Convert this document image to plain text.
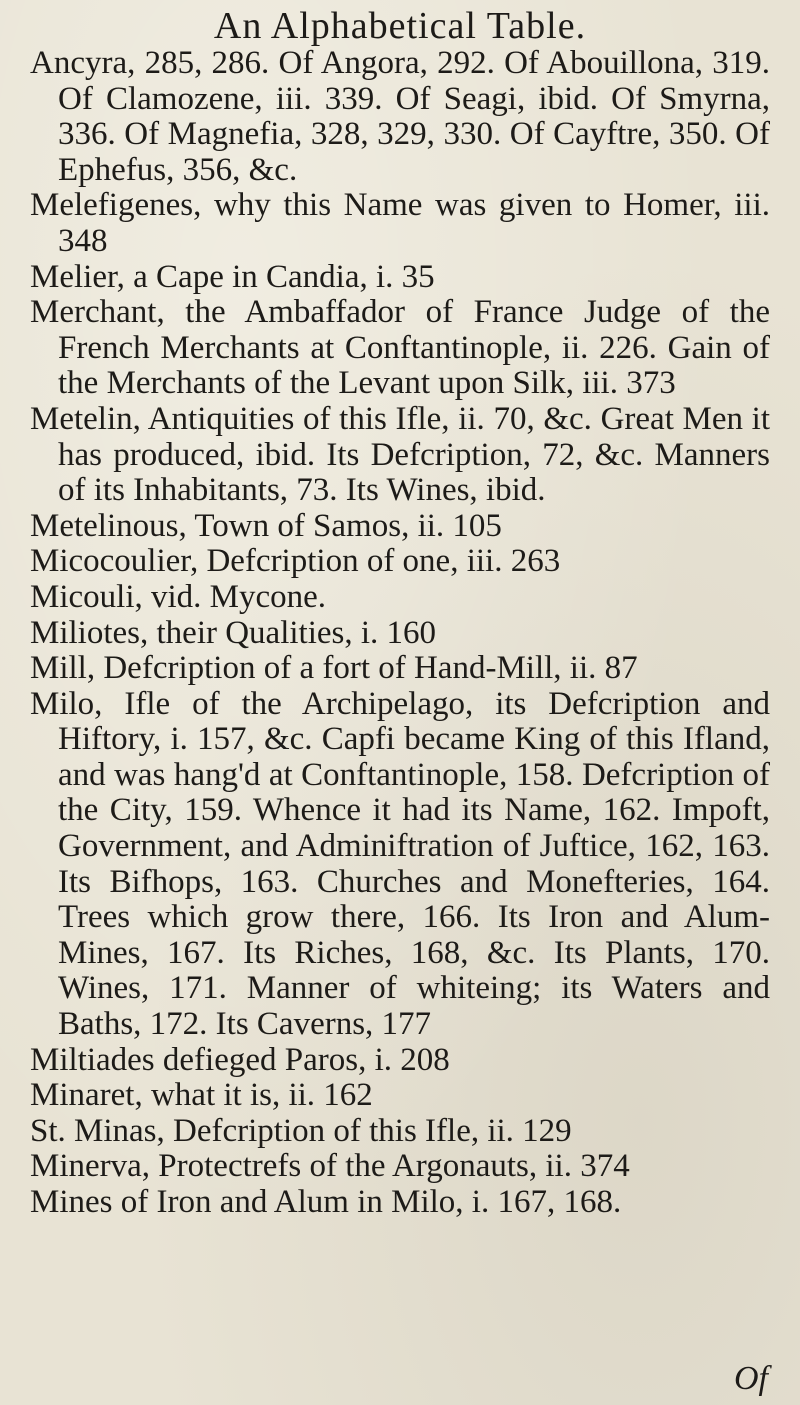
An Alphabetical Table.

Ancyra, 285, 286. Of Angora, 292. Of Abouillona, 319. Of Clamozene, iii. 339. Of Seagi, ibid. Of Smyrna, 336. Of Magnefia, 328, 329, 330. Of Cayftre, 350. Of Ephefus, 356, &c.

Melefigenes, why this Name was given to Homer, iii. 348

Melier, a Cape in Candia, i. 35

Merchant, the Ambaffador of France Judge of the French Merchants at Conftantinople, ii. 226. Gain of the Merchants of the Levant upon Silk, iii. 373

Metelin, Antiquities of this Ifle, ii. 70, &c. Great Men it has produced, ibid. Its Defcription, 72, &c. Manners of its Inhabitants, 73. Its Wines, ibid.

Metelinous, Town of Samos, ii. 105

Micocoulier, Defcription of one, iii. 263

Micouli, vid. Mycone.

Miliotes, their Qualities, i. 160

Mill, Defcription of a fort of Hand-Mill, ii. 87

Milo, Ifle of the Archipelago, its Defcription and Hiftory, i. 157, &c. Capfi became King of this Ifland, and was hang'd at Conftantinople, 158. Defcription of the City, 159. Whence it had its Name, 162. Impoft, Government, and Adminiftration of Juftice, 162, 163. Its Bifhops, 163. Churches and Monefteries, 164. Trees which grow there, 166. Its Iron and Alum-Mines, 167. Its Riches, 168, &c. Its Plants, 170. Wines, 171. Manner of whiteing; its Waters and Baths, 172. Its Caverns, 177

Miltiades defieged Paros, i. 208

Minaret, what it is, ii. 162

St. Minas, Defcription of this Ifle, ii. 129

Minerva, Protectrefs of the Argonauts, ii. 374

Mines of Iron and Alum in Milo, i. 167, 168.

Of
